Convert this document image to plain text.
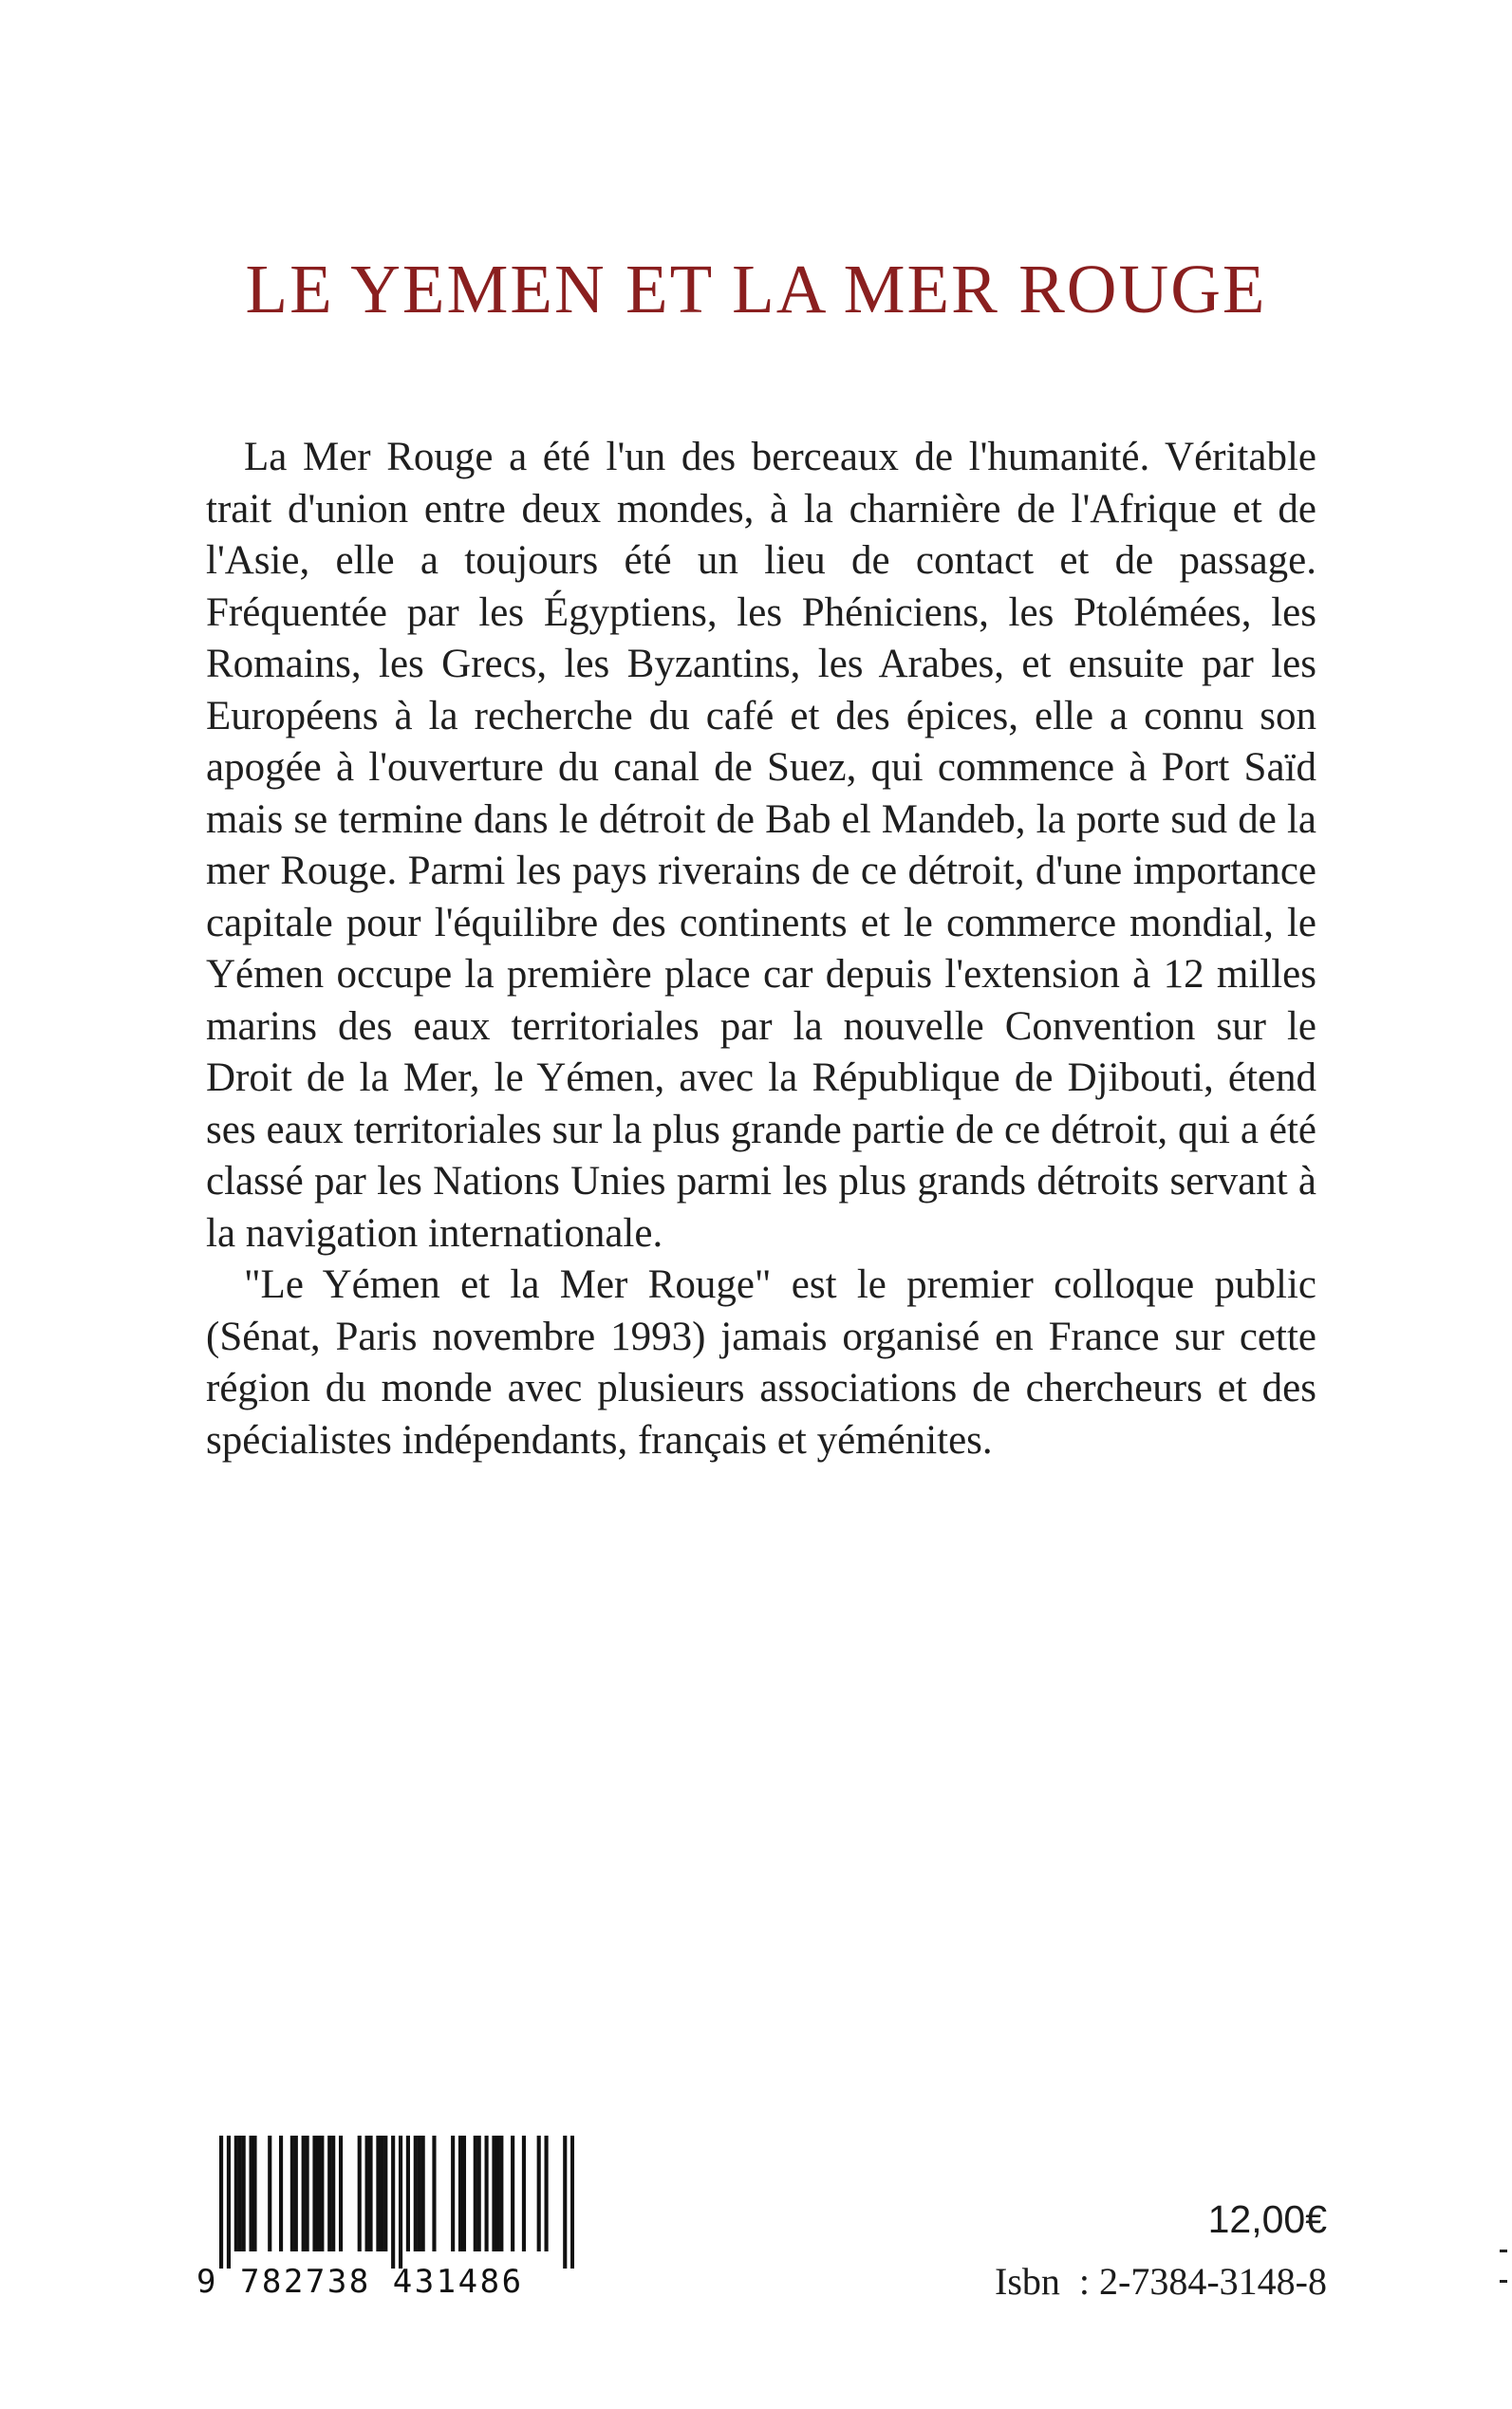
LE YEMEN ET LA MER ROUGE

La Mer Rouge a été l'un des berceaux de l'humanité. Véritable trait d'union entre deux mondes, à la charnière de l'Afrique et de l'Asie, elle a toujours été un lieu de contact et de passage. Fréquentée par les Égyptiens, les Phéniciens, les Ptolémées, les Romains, les Grecs, les Byzantins, les Arabes, et ensuite par les Européens à la recherche du café et des épices, elle a connu son apogée à l'ouverture du canal de Suez, qui commence à Port Saïd mais se termine dans le détroit de Bab el Mandeb, la porte sud de la mer Rouge. Parmi les pays riverains de ce détroit, d'une importance capitale pour l'équilibre des continents et le commerce mondial, le Yémen occupe la première place car depuis l'extension à 12 milles marins des eaux territoriales par la nouvelle Convention sur le Droit de la Mer, le Yémen, avec la République de Djibouti, étend ses eaux territoriales sur la plus grande partie de ce détroit, qui a été classé par les Nations Unies parmi les plus grands détroits servant à la navigation internationale.

"Le Yémen et la Mer Rouge" est le premier colloque public (Sénat, Paris novembre 1993) jamais organisé en France sur cette région du monde avec plusieurs associations de chercheurs et des spécialistes indépendants, français et yéménites.

9 782738 431486
12,00€
Isbn  : 2-7384-3148-8
